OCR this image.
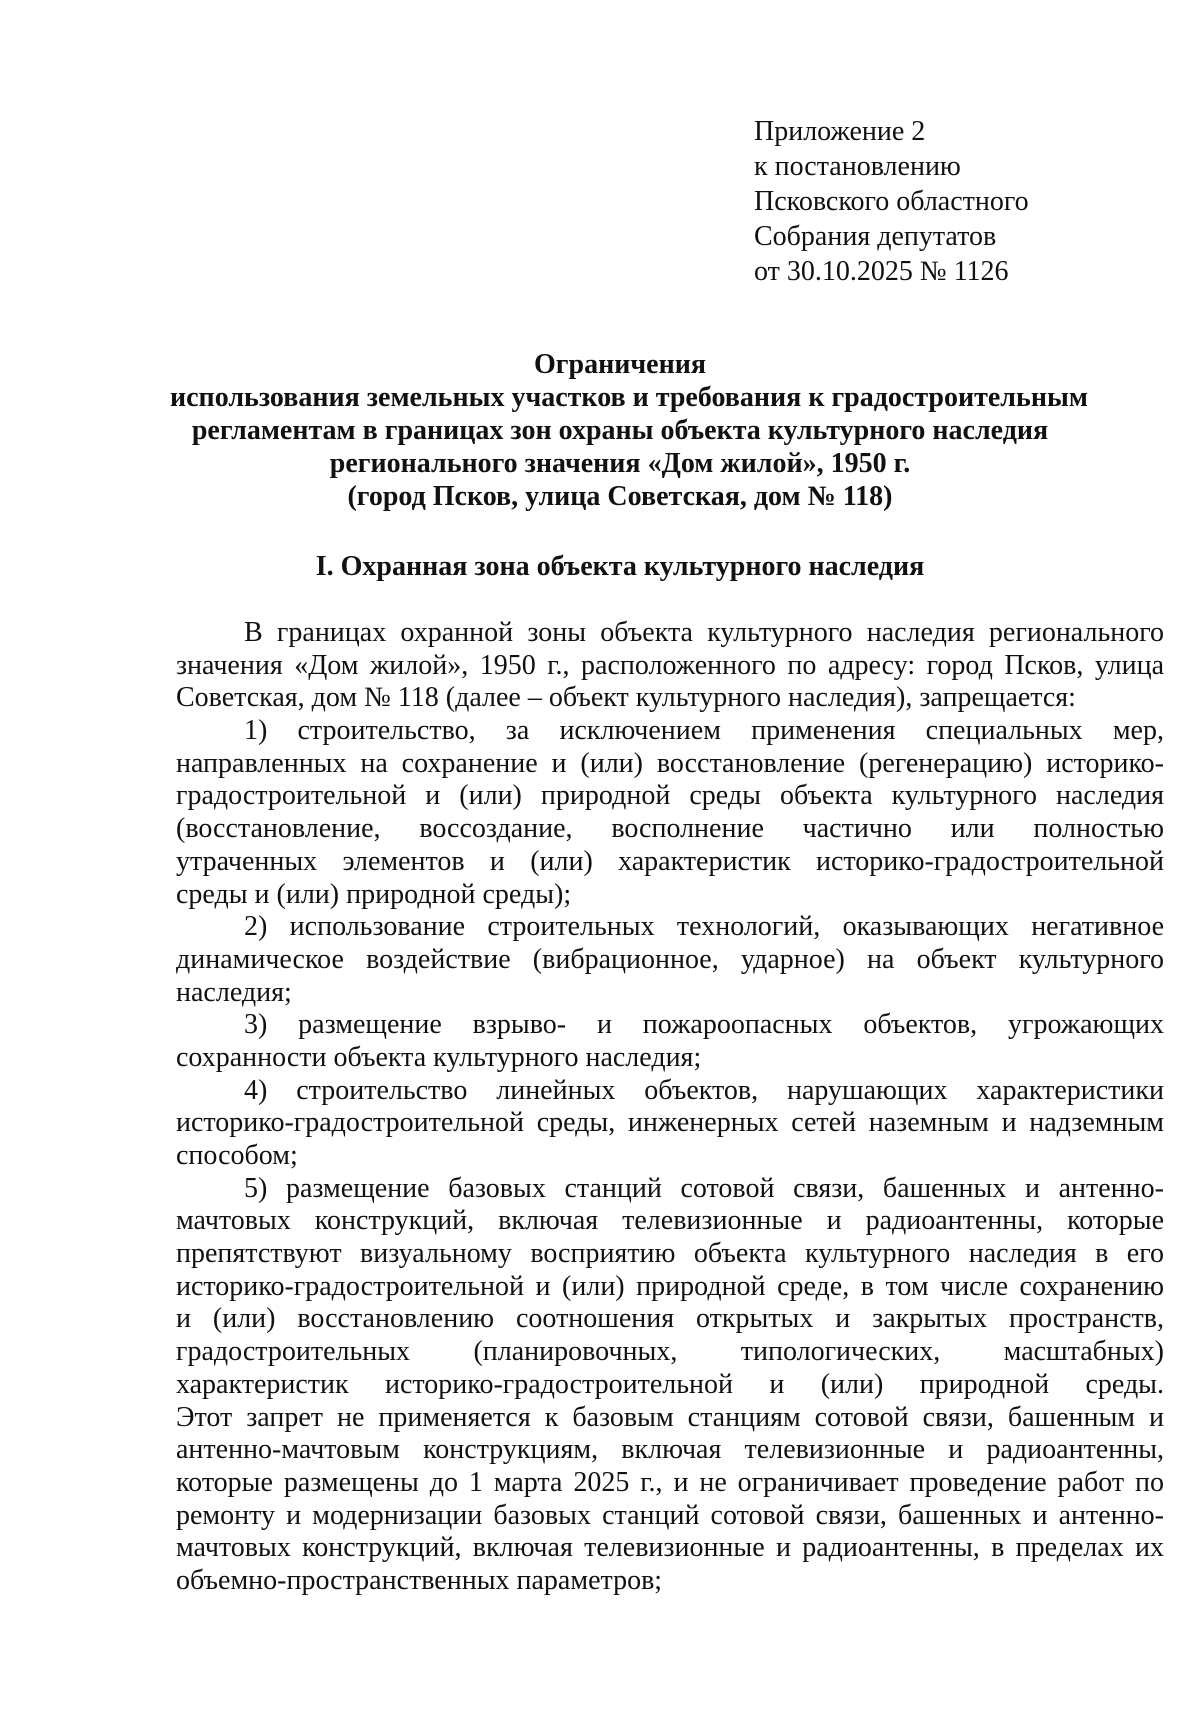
Приложение 2
к постановлению
Псковского областного
Собрания депутатов
от 30.10.2025 № 1126
Ограничения
использования земельных участков и требования к градостроительным
регламентам в границах зон охраны объекта культурного наследия
регионального значения «Дом жилой», 1950 г.
(город Псков, улица Советская, дом № 118)
I. Охранная зона объекта культурного наследия
В границах охранной зоны объекта культурного наследия регионального
значения «Дом жилой», 1950 г., расположенного по адресу: город Псков, улица
Советская, дом № 118 (далее – объект культурного наследия), запрещается:
1) строительство, за исключением применения специальных мер,
направленных на сохранение и (или) восстановление (регенерацию) историко-
градостроительной и (или) природной среды объекта культурного наследия
(восстановление, воссоздание, восполнение частично или полностью
утраченных элементов и (или) характеристик историко-градостроительной
среды и (или) природной среды);
2) использование строительных технологий, оказывающих негативное
динамическое воздействие (вибрационное, ударное) на объект культурного
наследия;
3) размещение взрыво- и пожароопасных объектов, угрожающих
сохранности объекта культурного наследия;
4) строительство линейных объектов, нарушающих характеристики
историко-градостроительной среды, инженерных сетей наземным и надземным
способом;
5) размещение базовых станций сотовой связи, башенных и антенно-
мачтовых конструкций, включая телевизионные и радиоантенны, которые
препятствуют визуальному восприятию объекта культурного наследия в его
историко-градостроительной и (или) природной среде, в том числе сохранению
и (или) восстановлению соотношения открытых и закрытых пространств,
градостроительных (планировочных, типологических, масштабных)
характеристик историко-градостроительной и (или) природной среды.
Этот запрет не применяется к базовым станциям сотовой связи, башенным и
антенно-мачтовым конструкциям, включая телевизионные и радиоантенны,
которые размещены до 1 марта 2025 г., и не ограничивает проведение работ по
ремонту и модернизации базовых станций сотовой связи, башенных и антенно-
мачтовых конструкций, включая телевизионные и радиоантенны, в пределах их
объемно-пространственных параметров;
